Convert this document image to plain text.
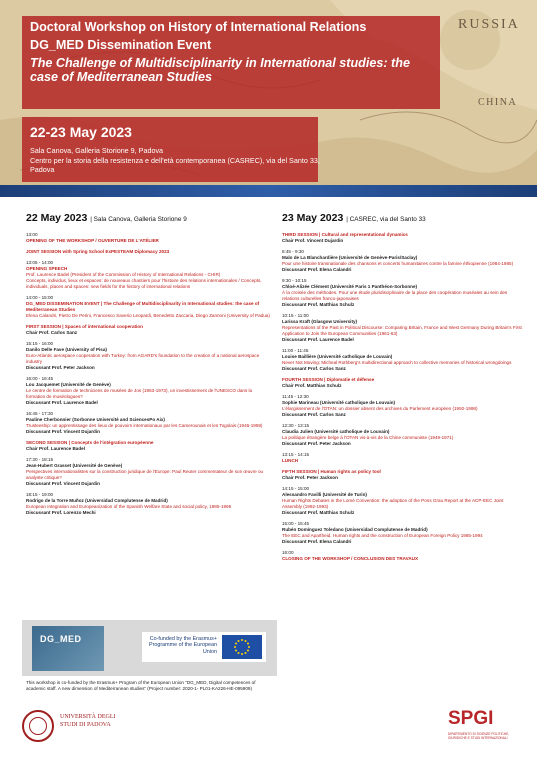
RUSSIA
CHINA
Doctoral Workshop on History of International Relations
DG_MED Dissemination Event
The Challenge of Multidisciplinarity in International studies: the case of Mediterranean Studies
22-23 May 2023
Sala Canova, Galleria Storione 9, Padova
Centro per la storia della resistenza e dell'età contemporanea (CASREC), via del Santo 33, Padova
22 May 2023 | Sala Canova, Galleria Storione 9
13:00
OPENING OF THE WORKSHOP / OUVERTURE DE L'ATÉLIER
JOINT SESSION with Spring School ExPESTEAM Diplomacy 2023
13:05 - 14:00
OPENING SPEECH
Prof. Laurence Badel (President of the Commission of History of International Relations - CHIR)
Concepts, individus, lieux et espaces: de nouveaux chantiers pour l'histoire des relations internationales / Concepts, individuals, places and spaces: new fields for the history of international relations
14:00 - 15:00
DG_MED DISSEMINATION EVENT | The Challenge of Multidisciplinarity in International studies: the case of Mediterranean Studies
Elena Calandri, Pietro De Perini, Francesco Saverio Leopardi, Benedetto Zaccaria, Diego Zannoni (University of Padua)
FIRST SESSION | Spaces of international cooperation
Chair Prof. Carlos Sanz
15:15 - 16:00
Danilo Delle Fave (University of Pisa)
Euro-Atlantic aerospace cooperation with Turkey: from AGARD's foundation to the creation of a national aerospace industry
Discussant Prof. Peter Jackson
16:00 - 16:45
Lou Jacquemet (Université de Genève)
Le centre de formation de techniciens de musées de Jos (1963-1973), un investissement de l'UNESCO dans la formation de muséologues?
Discussant Prof. Laurence Badel
16:45 - 17:30
Pauline Cherbonnier (Sorbonne Université and SciencesPo Aix)
Trusteeship: un apprentissage des lieux de pouvoirs internationaux par les Camerounais et les Togolais (1946-1959)
Discussant Prof. Vincent Dujardin
SECOND SESSION | Concepts de l'intégration européenne
Chair Prof. Laurence Badel
17:30 - 18:15
Jean-Hubert Grasset (Université de Genève)
Perspectives internationalistes sur la construction juridique de l'Europe: Paul Reuter commentateur de son œuvre ou analyste critique?
Discussant Prof. Vincent Dujardin
18:15 - 19:00
Rodrigo de la Torre Muñoz (Universidad Complutense de Madrid)
European Integration and Europeanization of the Spanish Welfare State and social policy, 1985-1995
Discussant Prof. Lorenzo Mechi
23 May 2023 | CASREC, via del Santo 33
THIRD SESSION | Cultural and representational dynamics
Chair Prof. Vincent Dujardin
8:45 - 9:30
Malo de La Blanchardière (Université de Genève-Paris/Saclay)
Pour une histoire transnationale des chansons et concerts humanitaires contre la famine éthiopienne (1984-1985)
Discussant Prof. Elena Calandri
9:30 - 10:15
Chloé-Alizée Clément (Université Paris 1 Panthéon-Sorbonne)
À la croisée des méthodes. Pour une étude pluridisciplinaire de la place des coopération muséales au sein des relations culturelles franco-japonaises
Discussant Prof. Matthias Schulz
10:15 - 11:00
Larissa Kraft (Glasgow University)
Representations of the Past in Political Discourse: Comparing Britain, France and West Germany During Britain's First Application to Join the European Communities (1961-63)
Discussant Prof. Laurence Badel
11:00 - 11:45
Louise Baillière (Université catholique de Louvain)
Never Not Moving: Micheal Rothberg's multidirectional approach to collective memories of historical wrongdoings
Discussant Prof. Carlos Sanz
FOURTH SESSION | Diplomatie et défense
Chair Prof. Matthias Schulz
11:45 - 12:30
Sophie Marineau (Université catholique de Louvain)
L'élargissement de l'OTAN: un dossier absent des archives du Parlement européen (1992-1998)
Discussant Prof. Carlos Sanz
12:30 - 13:15
Claudia Julien (Université catholique de Louvain)
La politique étrangère belge à l'OTAN vis-à-vis de la Chine communiste (1949-1971)
Discussant Prof. Peter Jackson
13:15 - 14:15
LUNCH
FIFTH SESSION | Human rights as policy tool
Chair Prof. Peter Jackson
14:15 - 15:00
Alessandro Favilli (Université de Turin)
Human Rights Debates in the Lomé Convention: the adoption of the Pons Grau Report at the ACP-EEC Joint Assembly (1992-1993)
Discussant Prof. Matthias Schulz
15:00 - 15:45
Rubén Domínguez Toledano (Universidad Complutense de Madrid)
The EEC and Apartheid. Human rights and the construction of European Foreign Policy 1985-1994
Discussant Prof. Elena Calandri
16:00
CLOSING OF THE WORKSHOP / CONCLUSION DES TRAVAUX
DG_MED	Co-funded by the Erasmus+ Programme of the European Union
This workshop is co-funded by the Erasmus+ Program of the European Union "DG_MED, Digital competences of academic staff. A new dimension of Mediterranean studies" (Project number: 2020-1- PL01-KA226-HE-095909)
UNIVERSITÀ DEGLI STUDI DI PADOVA	SPGI
DIPARTIMENTO DI SCIENZE POLITICHE, GIURIDICHE E STUDI INTERNAZIONALI
